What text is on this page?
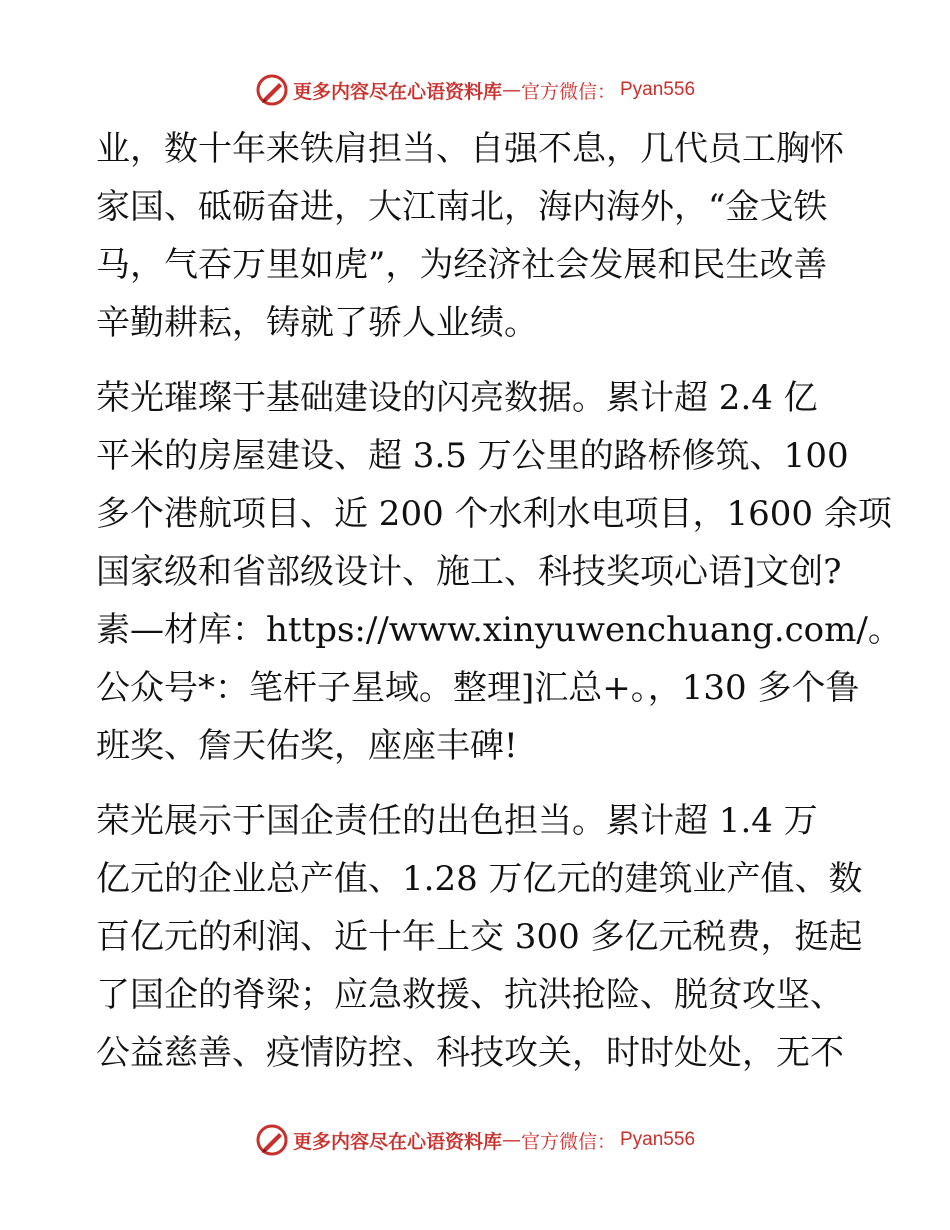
更多内容尽在心语资料库 — 官方微信： Pyan556
业，数十年来铁肩担当、自强不息，几代员工胸怀
家国、砥砺奋进，大江南北，海内海外，“金戈铁
马，气吞万里如虎”，为经济社会发展和民生改善
辛勤耕耘，铸就了骄人业绩。
荣光璀璨于基础建设的闪亮数据。累计超 2.4 亿
平米的房屋建设、超 3.5 万公里的路桥修筑、100
多个港航项目、近 200 个水利水电项目，1600 余项
国家级和省部级设计、施工、科技奖项心语]文创?
素—材库：https://www.xinyuwenchuang.com/。
公众号*：笔杆子星域。整理]汇总+。，130 多个鲁
班奖、詹天佑奖，座座丰碑!
荣光展示于国企责任的出色担当。累计超 1.4 万
亿元的企业总产值、1.28 万亿元的建筑业产值、数
百亿元的利润、近十年上交 300 多亿元税费，挺起
了国企的脊梁；应急救援、抗洪抢险、脱贫攻坚、
公益慈善、疫情防控、科技攻关，时时处处，无不
更多内容尽在心语资料库 — 官方微信： Pyan556
